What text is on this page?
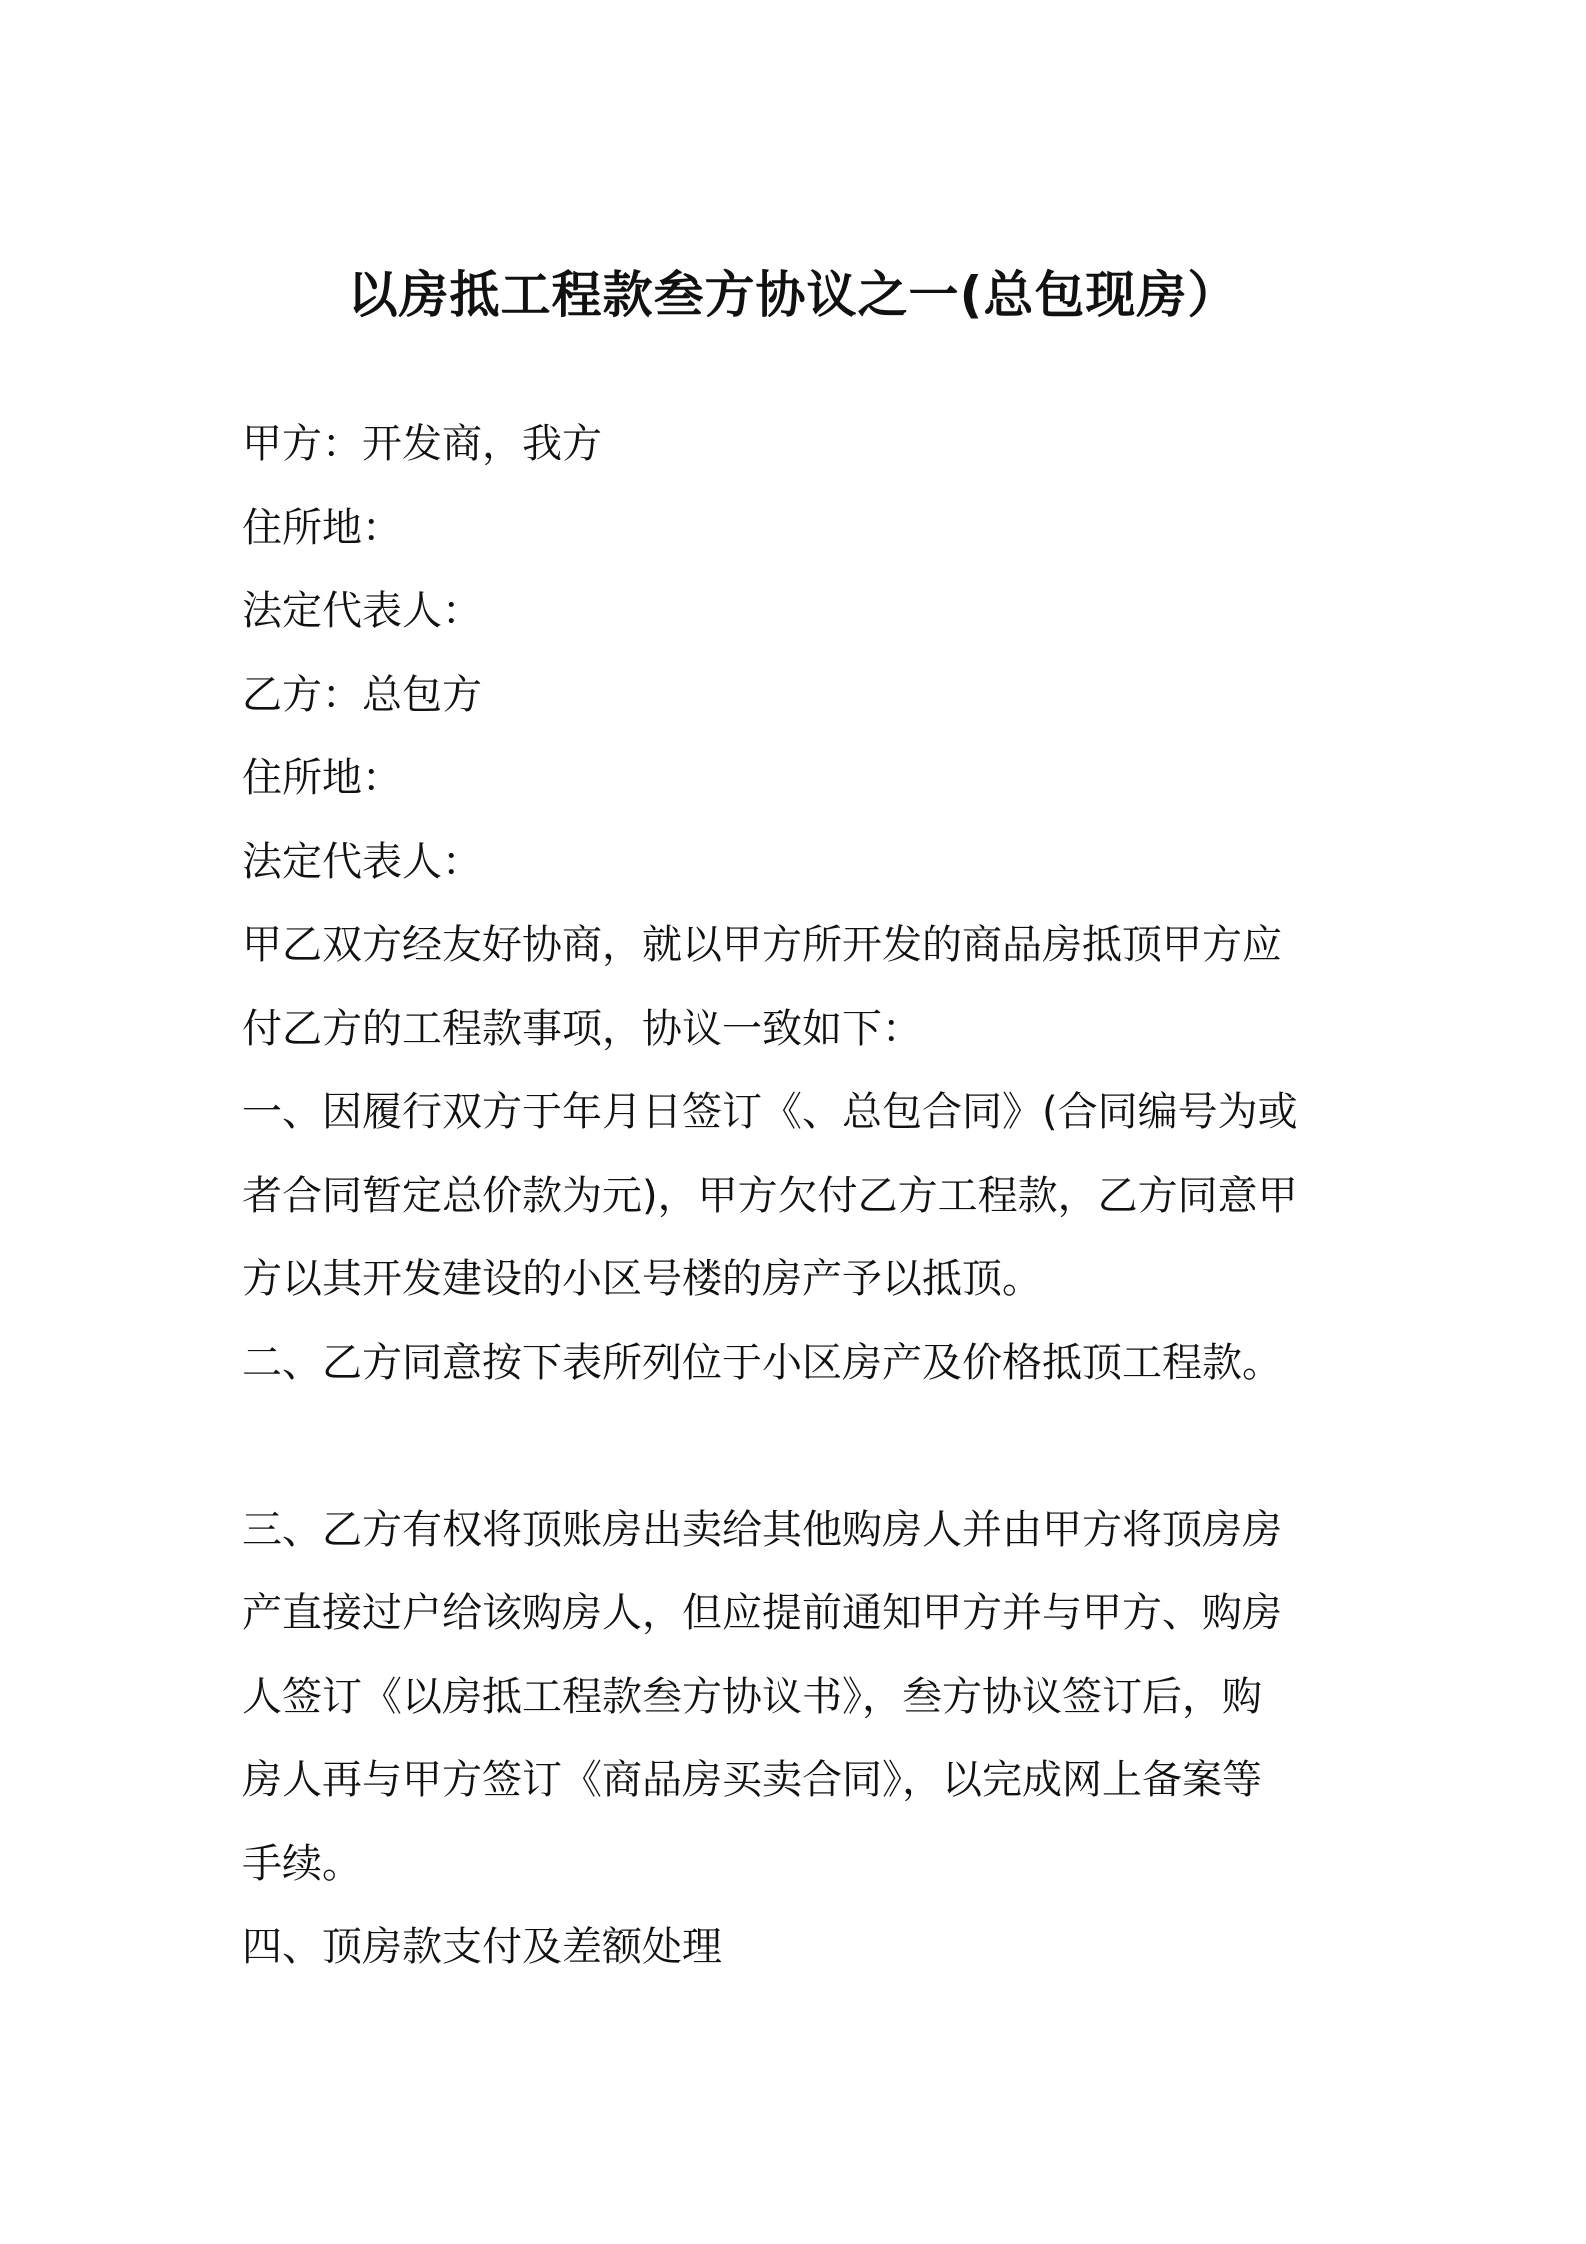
以房抵工程款叁方协议之一(总包现房）
甲方：开发商，我方
住所地：
法定代表人：
乙方：总包方
住所地：
法定代表人：
甲乙双方经友好协商，就以甲方所开发的商品房抵顶甲方应
付乙方的工程款事项，协议一致如下：
一、因履行双方于年月日签订《、总包合同》(合同编号为或
者合同暂定总价款为元)，甲方欠付乙方工程款，乙方同意甲
方以其开发建设的小区号楼的房产予以抵顶。
二、乙方同意按下表所列位于小区房产及价格抵顶工程款。
三、乙方有权将顶账房出卖给其他购房人并由甲方将顶房房
产直接过户给该购房人，但应提前通知甲方并与甲方、购房
人签订《以房抵工程款叁方协议书》，叁方协议签订后，购
房人再与甲方签订《商品房买卖合同》，以完成网上备案等
手续。
四、顶房款支付及差额处理
